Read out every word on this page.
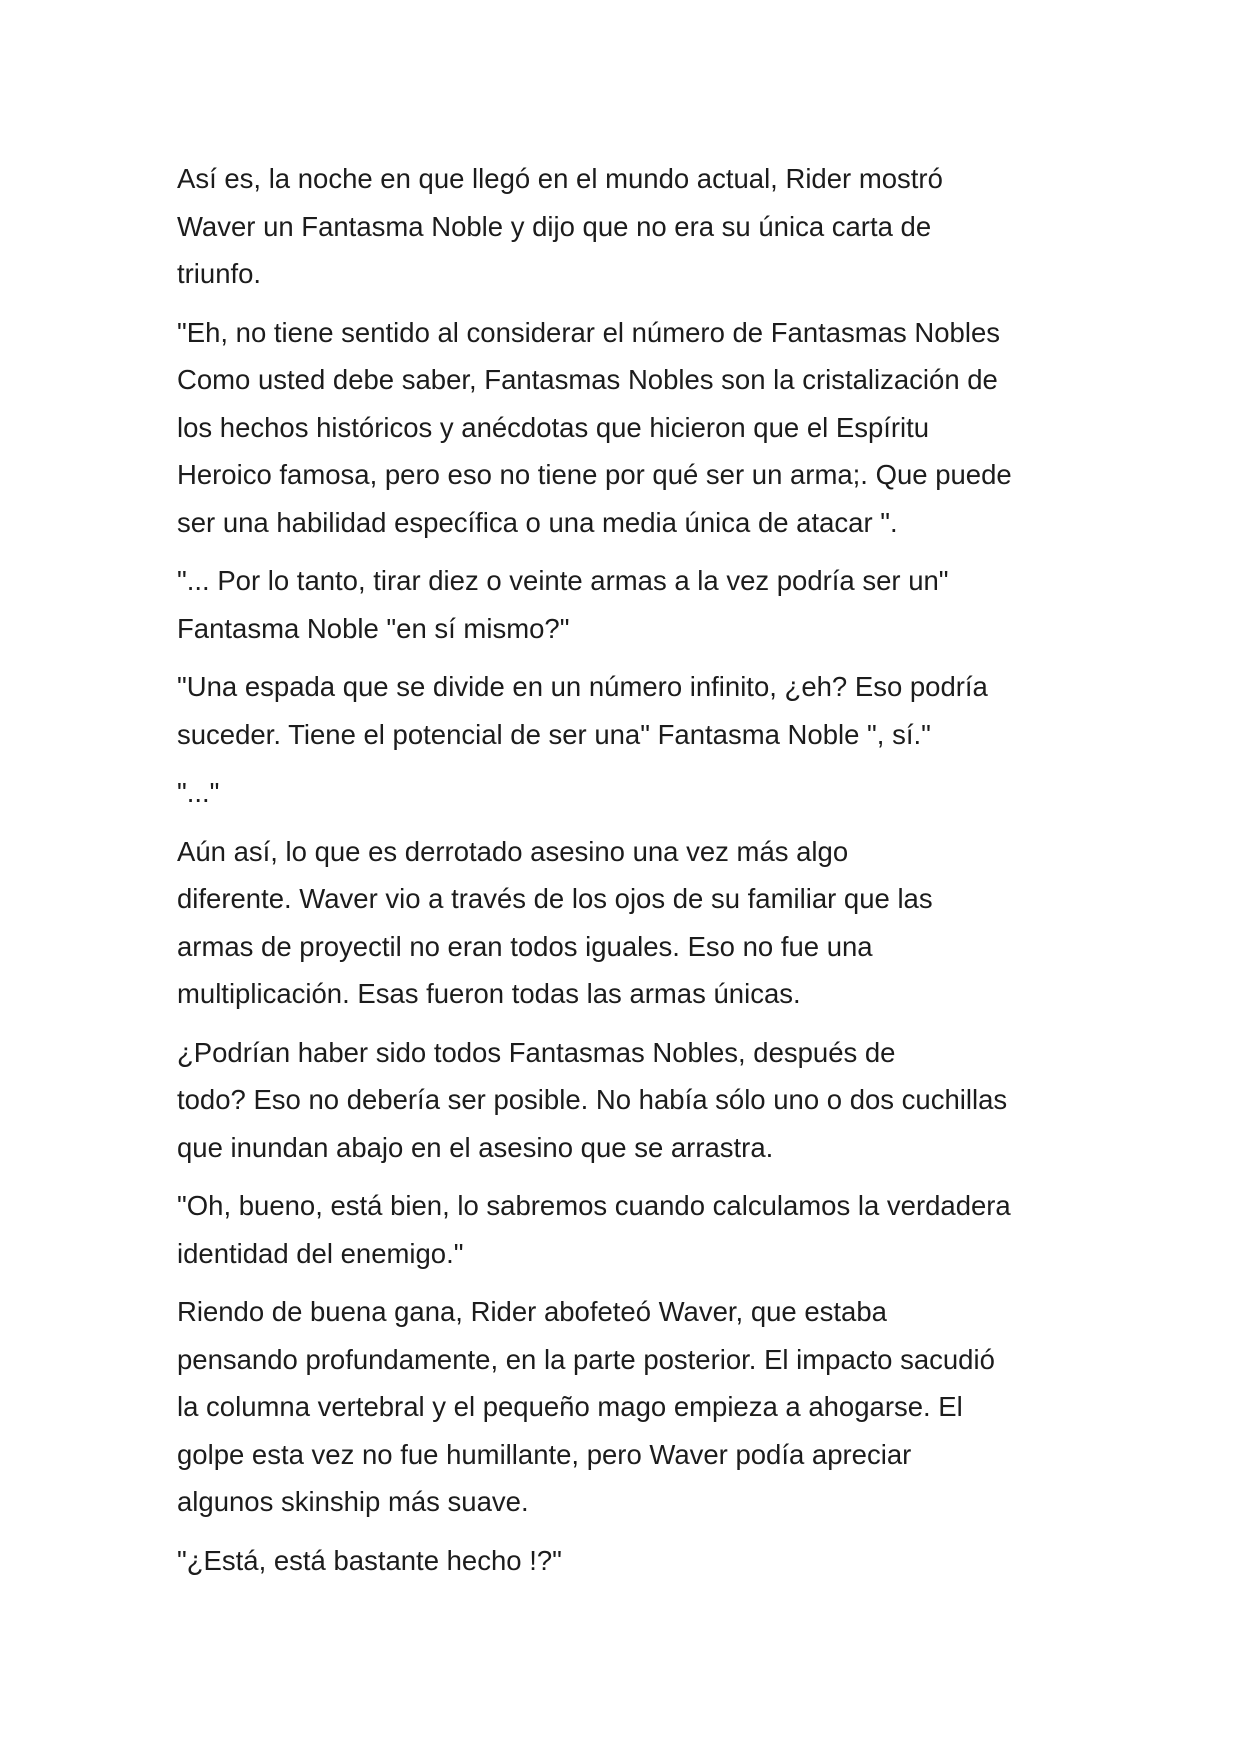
Así es, la noche en que llegó en el mundo actual, Rider mostró
Waver un Fantasma Noble y dijo que no era su única carta de
triunfo.

"Eh, no tiene sentido al considerar el número de Fantasmas Nobles
Como usted debe saber, Fantasmas Nobles son la cristalización de
los hechos históricos y anécdotas que hicieron que el Espíritu
Heroico famosa, pero eso no tiene por qué ser un arma;. Que puede
ser una habilidad específica o una media única de atacar ".

"... Por lo tanto, tirar diez o veinte armas a la vez podría ser un"
Fantasma Noble "en sí mismo?"

"Una espada que se divide en un número infinito, ¿eh? Eso podría
suceder. Tiene el potencial de ser una" Fantasma Noble ", sí."

"..."

Aún así, lo que es derrotado asesino una vez más algo
diferente. Waver vio a través de los ojos de su familiar que las
armas de proyectil no eran todos iguales. Eso no fue una
multiplicación. Esas fueron todas las armas únicas.

¿Podrían haber sido todos Fantasmas Nobles, después de
todo? Eso no debería ser posible. No había sólo uno o dos cuchillas
que inundan abajo en el asesino que se arrastra.

"Oh, bueno, está bien, lo sabremos cuando calculamos la verdadera
identidad del enemigo."

Riendo de buena gana, Rider abofeteó Waver, que estaba
pensando profundamente, en la parte posterior. El impacto sacudió
la columna vertebral y el pequeño mago empieza a ahogarse. El
golpe esta vez no fue humillante, pero Waver podía apreciar
algunos skinship más suave.

"¿Está, está bastante hecho !?"
